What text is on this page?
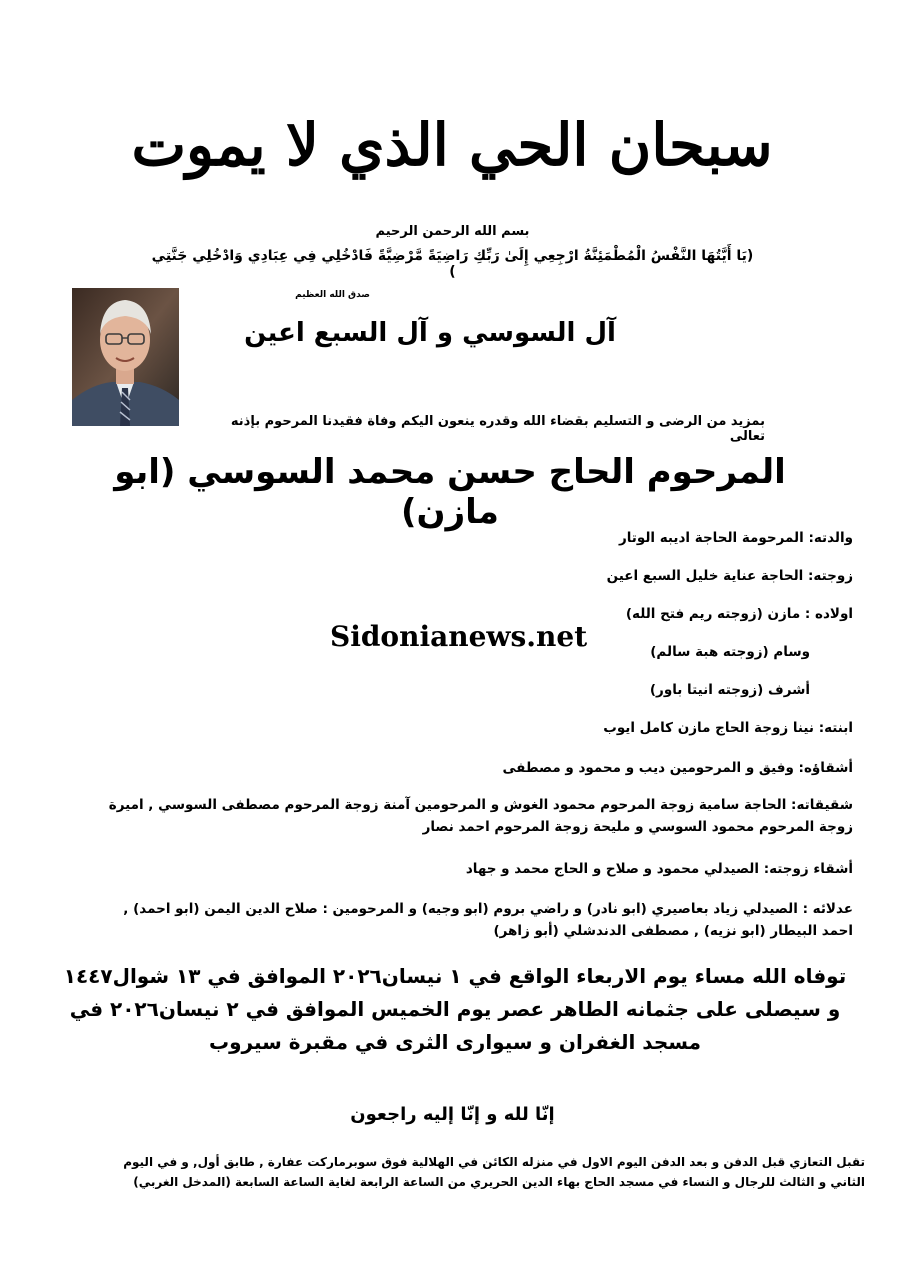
سبحان الحي الذي لا يموت
بسم الله الرحمن الرحيم
(يَا أَيَّتُهَا النَّفْسُ الْمُطْمَئِنَّةُ ارْجِعِي إِلَىٰ رَبِّكِ رَاضِيَةً مَّرْضِيَّةً فَادْخُلِي فِي عِبَادِي وَادْخُلِي جَنَّتِي )
صدق الله العظيم
آل السوسي و آل السبع اعين
بمزيد من الرضى و التسليم بقضاء الله وقدره ينعون اليكم وفاة فقيدنا المرحوم بإذنه تعالى
المرحوم الحاج حسن محمد السوسي (ابو مازن)
والدته: المرحومة الحاجة اديبه الوتار
زوجته: الحاجة عناية خليل السبع اعين
اولاده : مازن (زوجته ريم فتح الله)
وسام (زوجته هبة سالم)
أشرف (زوجته انيتا باور)
ابنته: نينا زوجة الحاج مازن كامل ايوب
أشقاؤه: وفيق و المرحومين ديب و محمود و مصطفى
شقيقاته: الحاجة سامية زوجة المرحوم محمود الغوش و المرحومين آمنة زوجة المرحوم مصطفى السوسي , اميرة زوجة المرحوم محمود السوسي و مليحة زوجة المرحوم احمد نصار
أشقاء زوجته: الصيدلي محمود و صلاح و الحاج محمد و جهاد
عدلائه : الصيدلي زياد بعاصيري (ابو نادر) و راضي بروم (ابو وجيه) و المرحومين : صلاح الدين اليمن (ابو احمد) , احمد البيطار (ابو نزيه) , مصطفى الدندشلي (أبو زاهر)
Sidonianews.net
توفاه الله مساء يوم الاربعاء الواقع في ١ نيسان٢٠٢٦ الموافق في ١٣ شوال١٤٤٧ و سيصلى على جثمانه الطاهر عصر يوم الخميس الموافق في ٢ نيسان٢٠٢٦ في مسجد الغفران و سيوارى الثرى في مقبرة سيروب
إنّا لله و إنّا إليه راجعون
تقبل التعازي قبل الدفن و بعد الدفن اليوم الاول في منزله الكائن في الهلالية فوق سوبرماركت عفارة , طابق أول, و في اليوم الثاني و الثالث للرجال و النساء في مسجد الحاج بهاء الدين الحريري من الساعة الرابعة لغاية الساعة السابعة (المدخل الغربي)
